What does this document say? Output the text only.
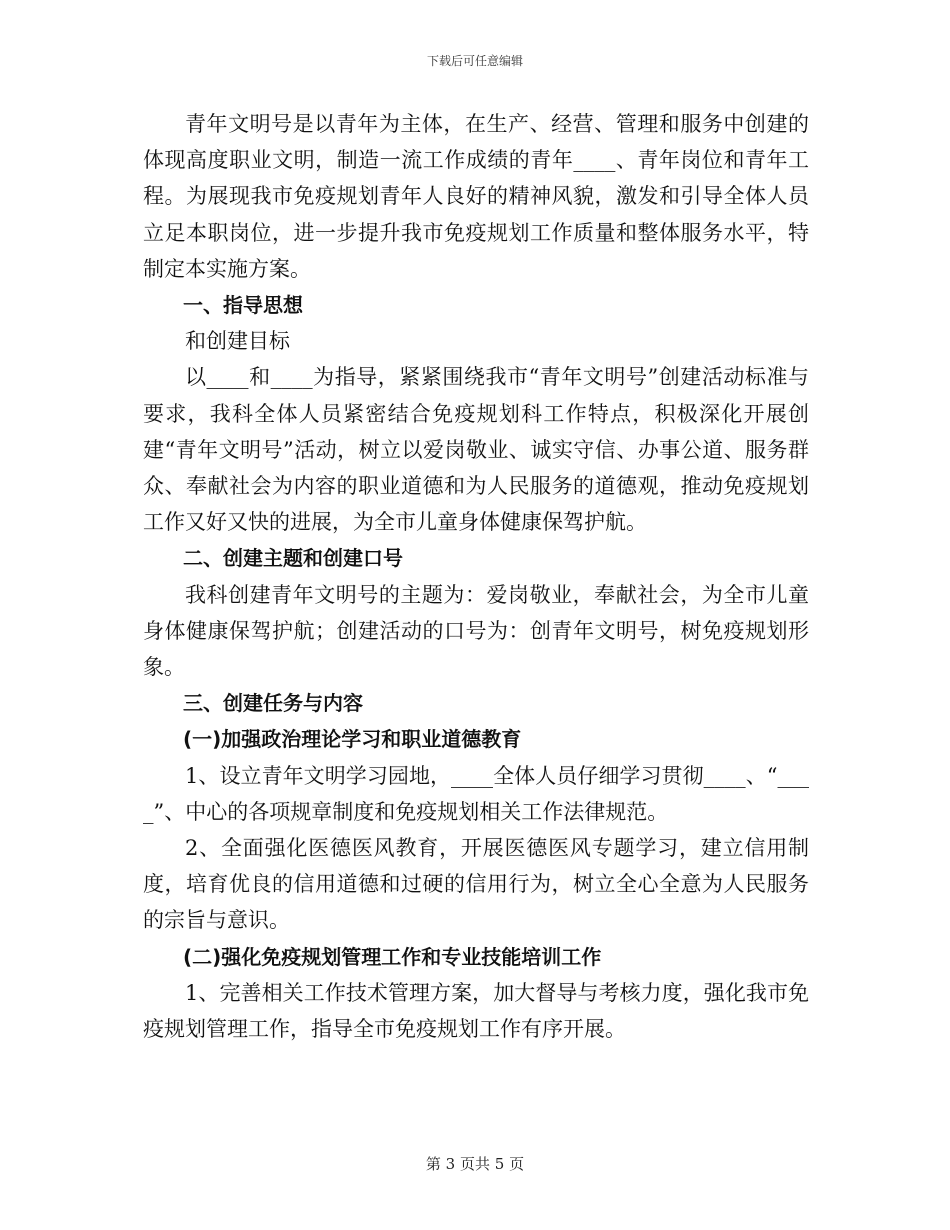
下载后可任意编辑

青年文明号是以青年为主体，在生产、经营、管理和服务中创建的体现高度职业文明，制造一流工作成绩的青年____、青年岗位和青年工程。为展现我市免疫规划青年人良好的精神风貌，激发和引导全体人员立足本职岗位，进一步提升我市免疫规划工作质量和整体服务水平，特制定本实施方案。

一、指导思想

和创建目标

以____和____为指导，紧紧围绕我市“青年文明号”创建活动标准与要求，我科全体人员紧密结合免疫规划科工作特点，积极深化开展创建“青年文明号”活动，树立以爱岗敬业、诚实守信、办事公道、服务群众、奉献社会为内容的职业道德和为人民服务的道德观，推动免疫规划工作又好又快的进展，为全市儿童身体健康保驾护航。

二、创建主题和创建口号

我科创建青年文明号的主题为：爱岗敬业，奉献社会，为全市儿童身体健康保驾护航；创建活动的口号为：创青年文明号，树免疫规划形象。

三、创建任务与内容

(一)加强政治理论学习和职业道德教育

1、设立青年文明学习园地，____全体人员仔细学习贯彻____、“____”、中心的各项规章制度和免疫规划相关工作法律规范。

2、全面强化医德医风教育，开展医德医风专题学习，建立信用制度，培育优良的信用道德和过硬的信用行为，树立全心全意为人民服务的宗旨与意识。

(二)强化免疫规划管理工作和专业技能培训工作

1、完善相关工作技术管理方案，加大督导与考核力度，强化我市免疫规划管理工作，指导全市免疫规划工作有序开展。

第 3 页共 5 页
